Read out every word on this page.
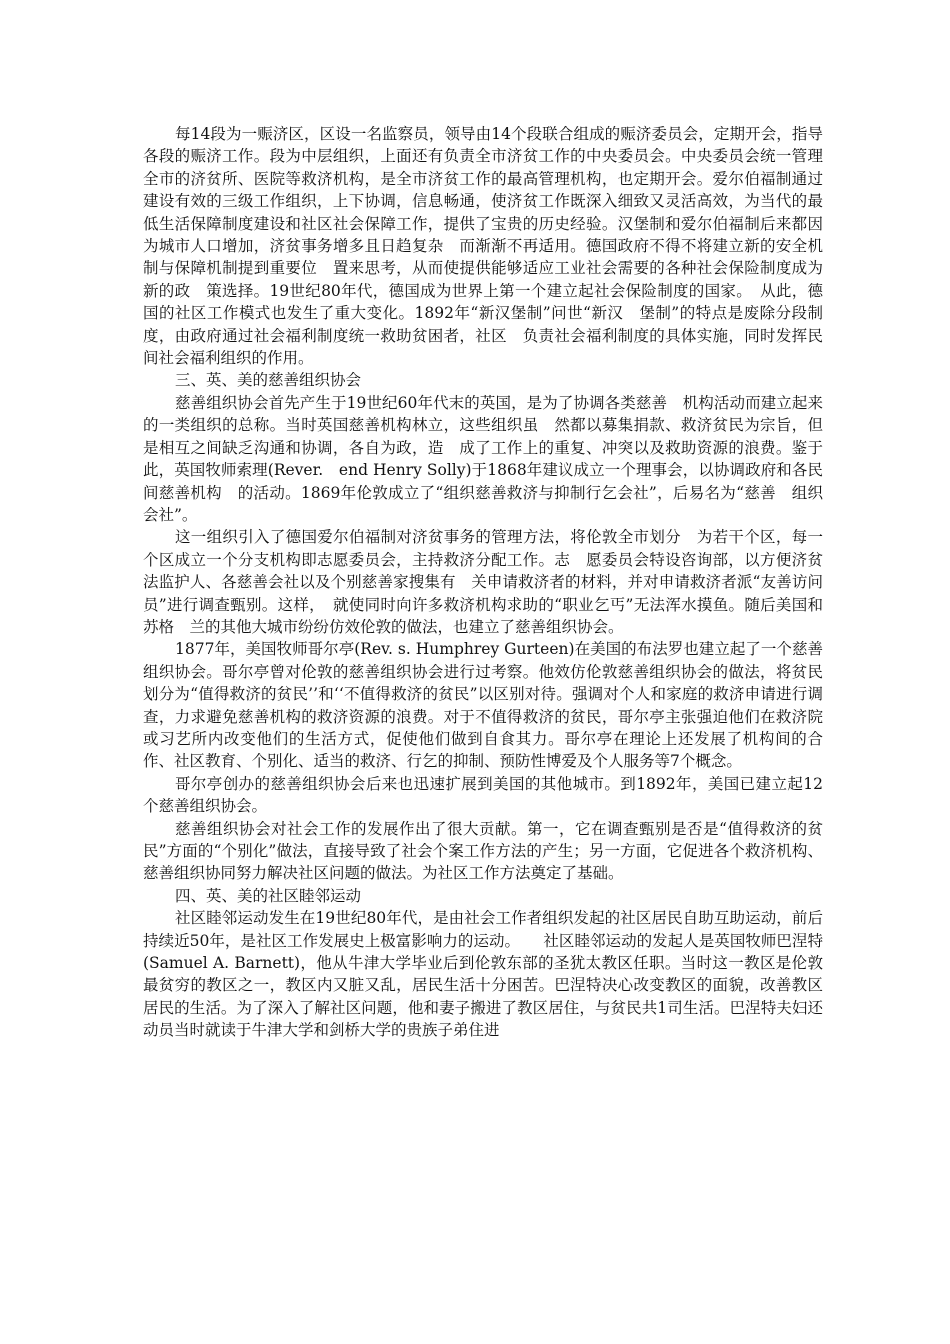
每14段为一赈济区，区设一名监察员，领导由14个段联合组成的赈济委员会，定期开会，指导各段的赈济工作。段为中层组织，上面还有负责全市济贫工作的中央委员会。中央委员会统一管理全市的济贫所、医院等救济机构，是全市济贫工作的最高管理机构，也定期开会。爱尔伯福制通过建设有效的三级工作组织，上下协调，信息畅通，使济贫工作既深入细致又灵活高效，为当代的最低生活保障制度建设和社区社会保障工作，提供了宝贵的历史经验。汉堡制和爱尔伯福制后来都因为城市人口增加，济贫事务增多且日趋复杂　而渐渐不再适用。德国政府不得不将建立新的安全机制与保障机制提到重要位　置来思考，从而使提供能够适应工业社会需要的各种社会保险制度成为新的政　策选择。19世纪80年代，德国成为世界上第一个建立起社会保险制度的国家。　从此，德国的社区工作模式也发生了重大变化。1892年“新汉堡制”问世“新汉　堡制”的特点是废除分段制度，由政府通过社会福利制度统一救助贫困者，社区　负责社会福利制度的具体实施，同时发挥民间社会福利组织的作用。

三、英、美的慈善组织协会

慈善组织协会首先产生于19世纪60年代末的英国，是为了协调各类慈善　机构活动而建立起来的一类组织的总称。当时英国慈善机构林立，这些组织虽　然都以募集捐款、救济贫民为宗旨，但是相互之间缺乏沟通和协调，各自为政，造　成了工作上的重复、冲突以及救助资源的浪费。鉴于此，英国牧师索理(Rever.　end Henry Solly)于1868年建议成立一个理事会，以协调政府和各民间慈善机构　的活动。1869年伦敦成立了“组织慈善救济与抑制行乞会社”，后易名为“慈善　组织会社”。

这一组织引入了德国爱尔伯福制对济贫事务的管理方法，将伦敦全市划分　为若干个区，每一个区成立一个分支机构即志愿委员会，主持救济分配工作。志　愿委员会特设咨询部，以方便济贫法监护人、各慈善会社以及个别慈善家搜集有　关申请救济者的材料，并对申请救济者派“友善访问员”进行调查甄别。这样，　就使同时向许多救济机构求助的“职业乞丐”无法浑水摸鱼。随后美国和苏格　兰的其他大城市纷纷仿效伦敦的做法，也建立了慈善组织协会。

1877年，美国牧师哥尔亭(Rev. s. Humphrey Gurteen)在美国的布法罗也建立起了一个慈善组织协会。哥尔亭曾对伦敦的慈善组织协会进行过考察。他效仿伦敦慈善组织协会的做法，将贫民划分为“值得救济的贫民’’和‘‘不值得救济的贫民”以区别对待。强调对个人和家庭的救济申请进行调查，力求避免慈善机构的救济资源的浪费。对于不值得救济的贫民，哥尔亭主张强迫他们在救济院或习艺所内改变他们的生活方式，促使他们做到自食其力。哥尔亭在理论上还发展了机构间的合作、社区教育、个别化、适当的救济、行乞的抑制、预防性博爱及个人服务等7个概念。

哥尔亭创办的慈善组织协会后来也迅速扩展到美国的其他城市。到1892年，美国已建立起12个慈善组织协会。

慈善组织协会对社会工作的发展作出了很大贡献。第一，它在调查甄别是否是“值得救济的贫民”方面的“个别化”做法，直接导致了社会个案工作方法的产生；另一方面，它促进各个救济机构、慈善组织协同努力解决社区问题的做法。为社区工作方法奠定了基础。

四、英、美的社区睦邻运动

社区睦邻运动发生在19世纪80年代，是由社会工作者组织发起的社区居民自助互助运动，前后持续近50年，是社区工作发展史上极富影响力的运动。　　社区睦邻运动的发起人是英国牧师巴涅特(Samuel A. Barnett)，他从牛津大学毕业后到伦敦东部的圣犹太教区任职。当时这一教区是伦敦最贫穷的教区之一，教区内又脏又乱，居民生活十分困苦。巴涅特决心改变教区的面貌，改善教区居民的生活。为了深入了解社区问题，他和妻子搬进了教区居住，与贫民共1司生活。巴涅特夫妇还动员当时就读于牛津大学和剑桥大学的贵族子弟住进
